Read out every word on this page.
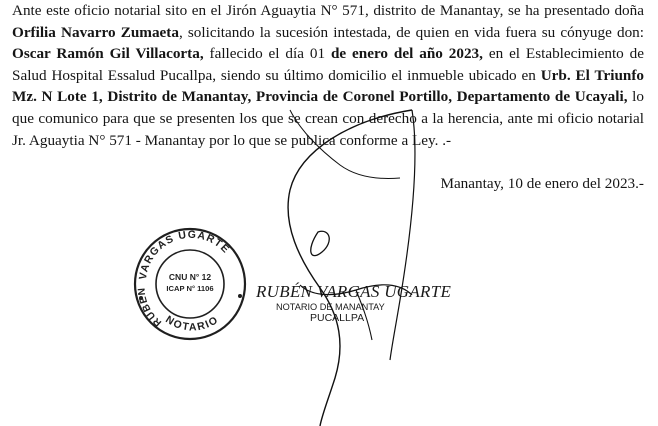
Ante este oficio notarial sito en el Jirón Aguaytia N° 571, distrito de Manantay, se ha presentado doña Orfilia Navarro Zumaeta, solicitando la sucesión intestada, de quien en vida fuera su cónyuge don: Oscar Ramón Gil Villacorta, fallecido el día 01 de enero del año 2023, en el Establecimiento de Salud Hospital Essalud Pucallpa, siendo su último domicilio el inmueble ubicado en Urb. El Triunfo Mz. N Lote 1, Distrito de Manantay, Provincia de Coronel Portillo, Departamento de Ucayali, lo que comunico para que se presenten los que se crean con derecho a la herencia, ante mi oficio notarial Jr. Aguaytia N° 571 - Manantay por lo que se publica conforme a Ley. .-
Manantay, 10 de enero del 2023.-
VARGAS UGARTE
RUBÉN
NOTARIO
CNU N° 12
ICAP N° 1106 RUBÉN VARGAS UGARTE
NOTARIO DE MANANTAY
PUCALLPA
